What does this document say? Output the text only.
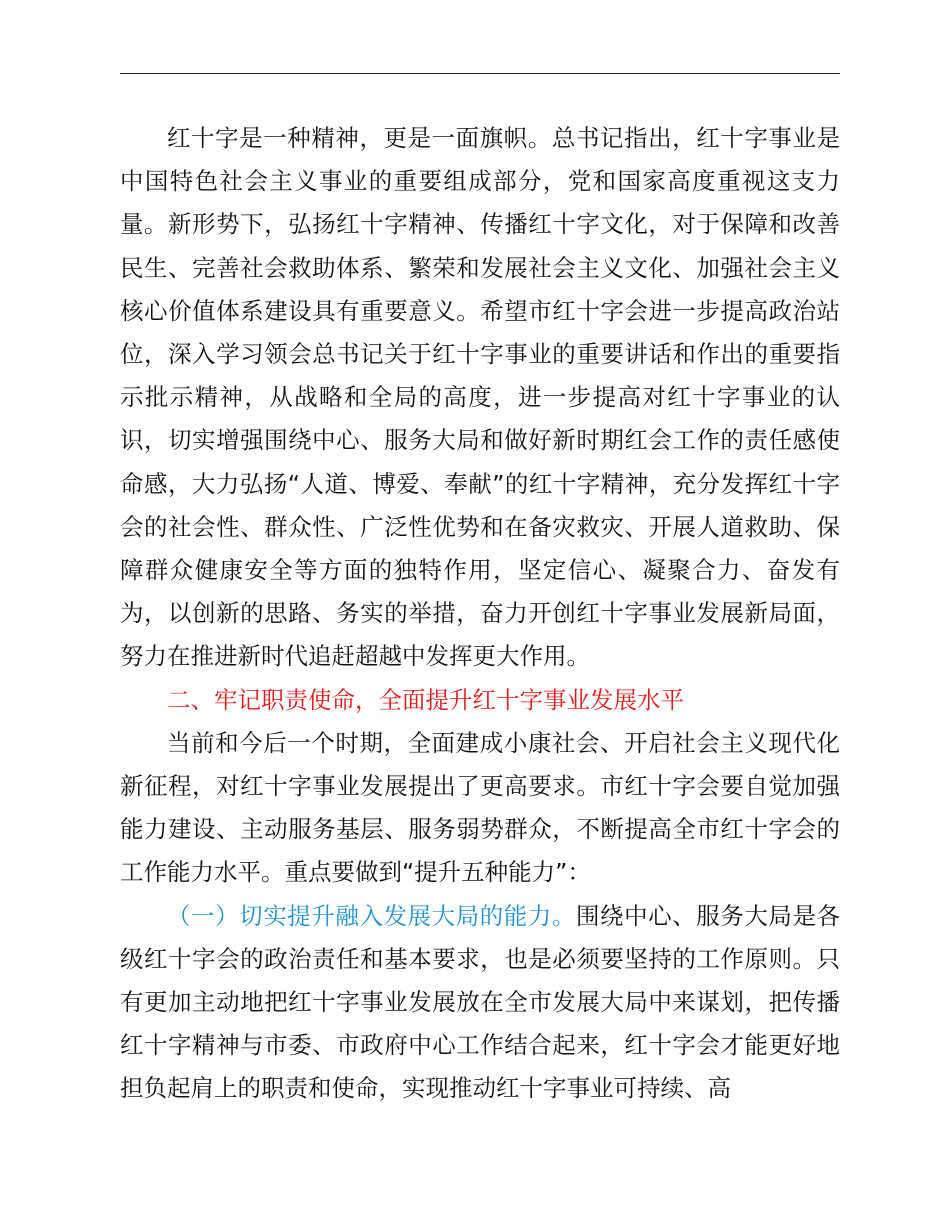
红十字是一种精神，更是一面旗帜。总书记指出，红十字事业是中国特色社会主义事业的重要组成部分，党和国家高度重视这支力量。新形势下，弘扬红十字精神、传播红十字文化，对于保障和改善民生、完善社会救助体系、繁荣和发展社会主义文化、加强社会主义核心价值体系建设具有重要意义。希望市红十字会进一步提高政治站位，深入学习领会总书记关于红十字事业的重要讲话和作出的重要指示批示精神，从战略和全局的高度，进一步提高对红十字事业的认识，切实增强围绕中心、服务大局和做好新时期红会工作的责任感使命感，大力弘扬“人道、博爱、奉献”的红十字精神，充分发挥红十字会的社会性、群众性、广泛性优势和在备灾救灾、开展人道救助、保障群众健康安全等方面的独特作用，坚定信心、凝聚合力、奋发有为，以创新的思路、务实的举措，奋力开创红十字事业发展新局面，努力在推进新时代追赶超越中发挥更大作用。

二、牢记职责使命，全面提升红十字事业发展水平

当前和今后一个时期，全面建成小康社会、开启社会主义现代化新征程，对红十字事业发展提出了更高要求。市红十字会要自觉加强能力建设、主动服务基层、服务弱势群众，不断提高全市红十字会的工作能力水平。重点要做到“提升五种能力”：

（一）切实提升融入发展大局的能力。围绕中心、服务大局是各级红十字会的政治责任和基本要求，也是必须要坚持的工作原则。只有更加主动地把红十字事业发展放在全市发展大局中来谋划，把传播红十字精神与市委、市政府中心工作结合起来，红十字会才能更好地担负起肩上的职责和使命，实现推动红十字事业可持续、高
